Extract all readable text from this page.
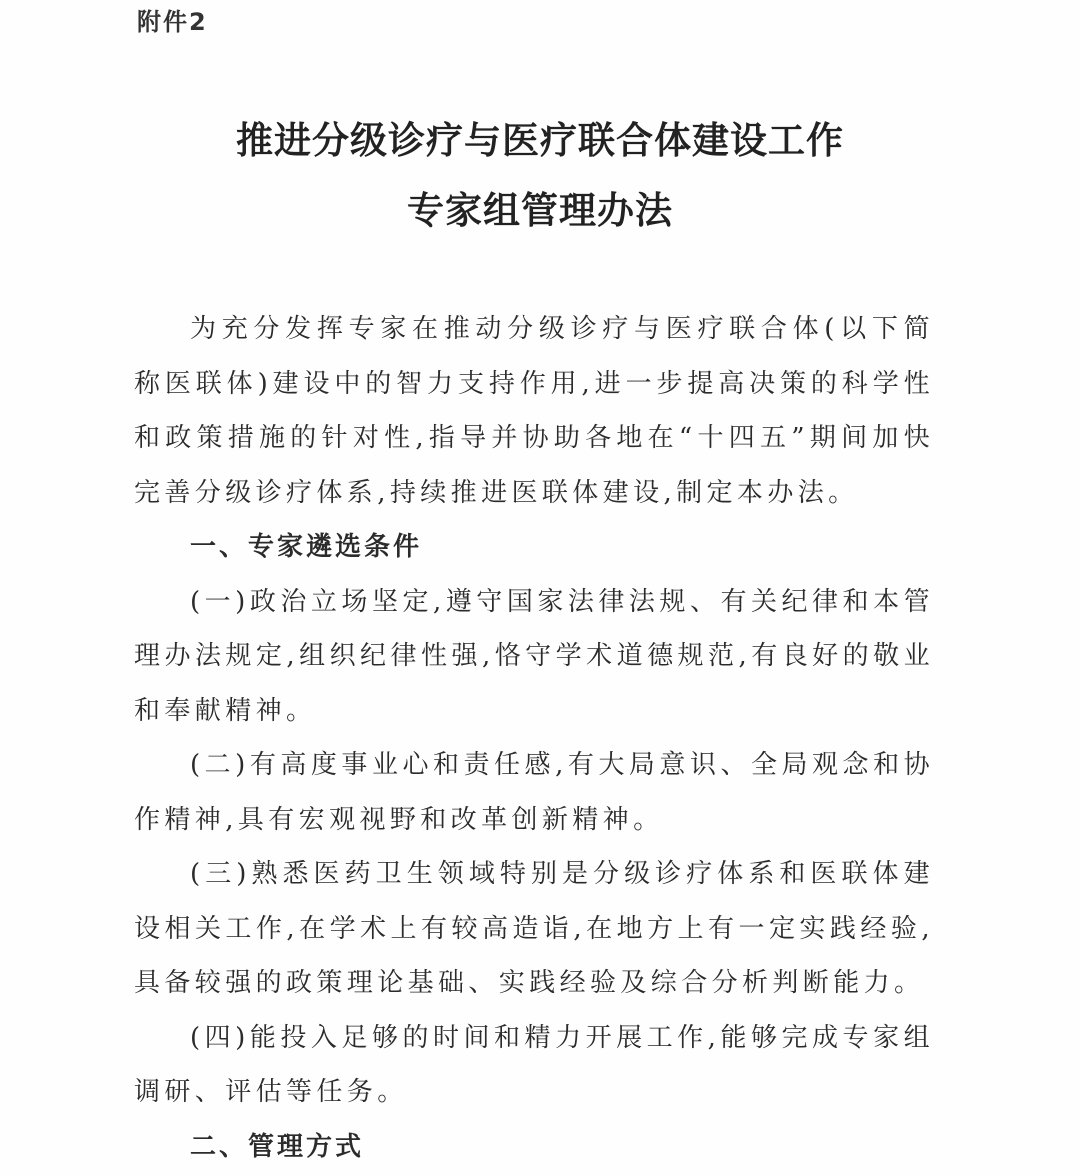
附件2
推进分级诊疗与医疗联合体建设工作
专家组管理办法

为充分发挥专家在推动分级诊疗与医疗联合体(以下简称医联体)建设中的智力支持作用,进一步提高决策的科学性和政策措施的针对性,指导并协助各地在“十四五”期间加快完善分级诊疗体系,持续推进医联体建设,制定本办法。

一、专家遴选条件

(一)政治立场坚定,遵守国家法律法规、有关纪律和本管理办法规定,组织纪律性强,恪守学术道德规范,有良好的敬业和奉献精神。

(二)有高度事业心和责任感,有大局意识、全局观念和协作精神,具有宏观视野和改革创新精神。

(三)熟悉医药卫生领域特别是分级诊疗体系和医联体建设相关工作,在学术上有较高造诣,在地方上有一定实践经验,具备较强的政策理论基础、实践经验及综合分析判断能力。

(四)能投入足够的时间和精力开展工作,能够完成专家组调研、评估等任务。

二、管理方式
